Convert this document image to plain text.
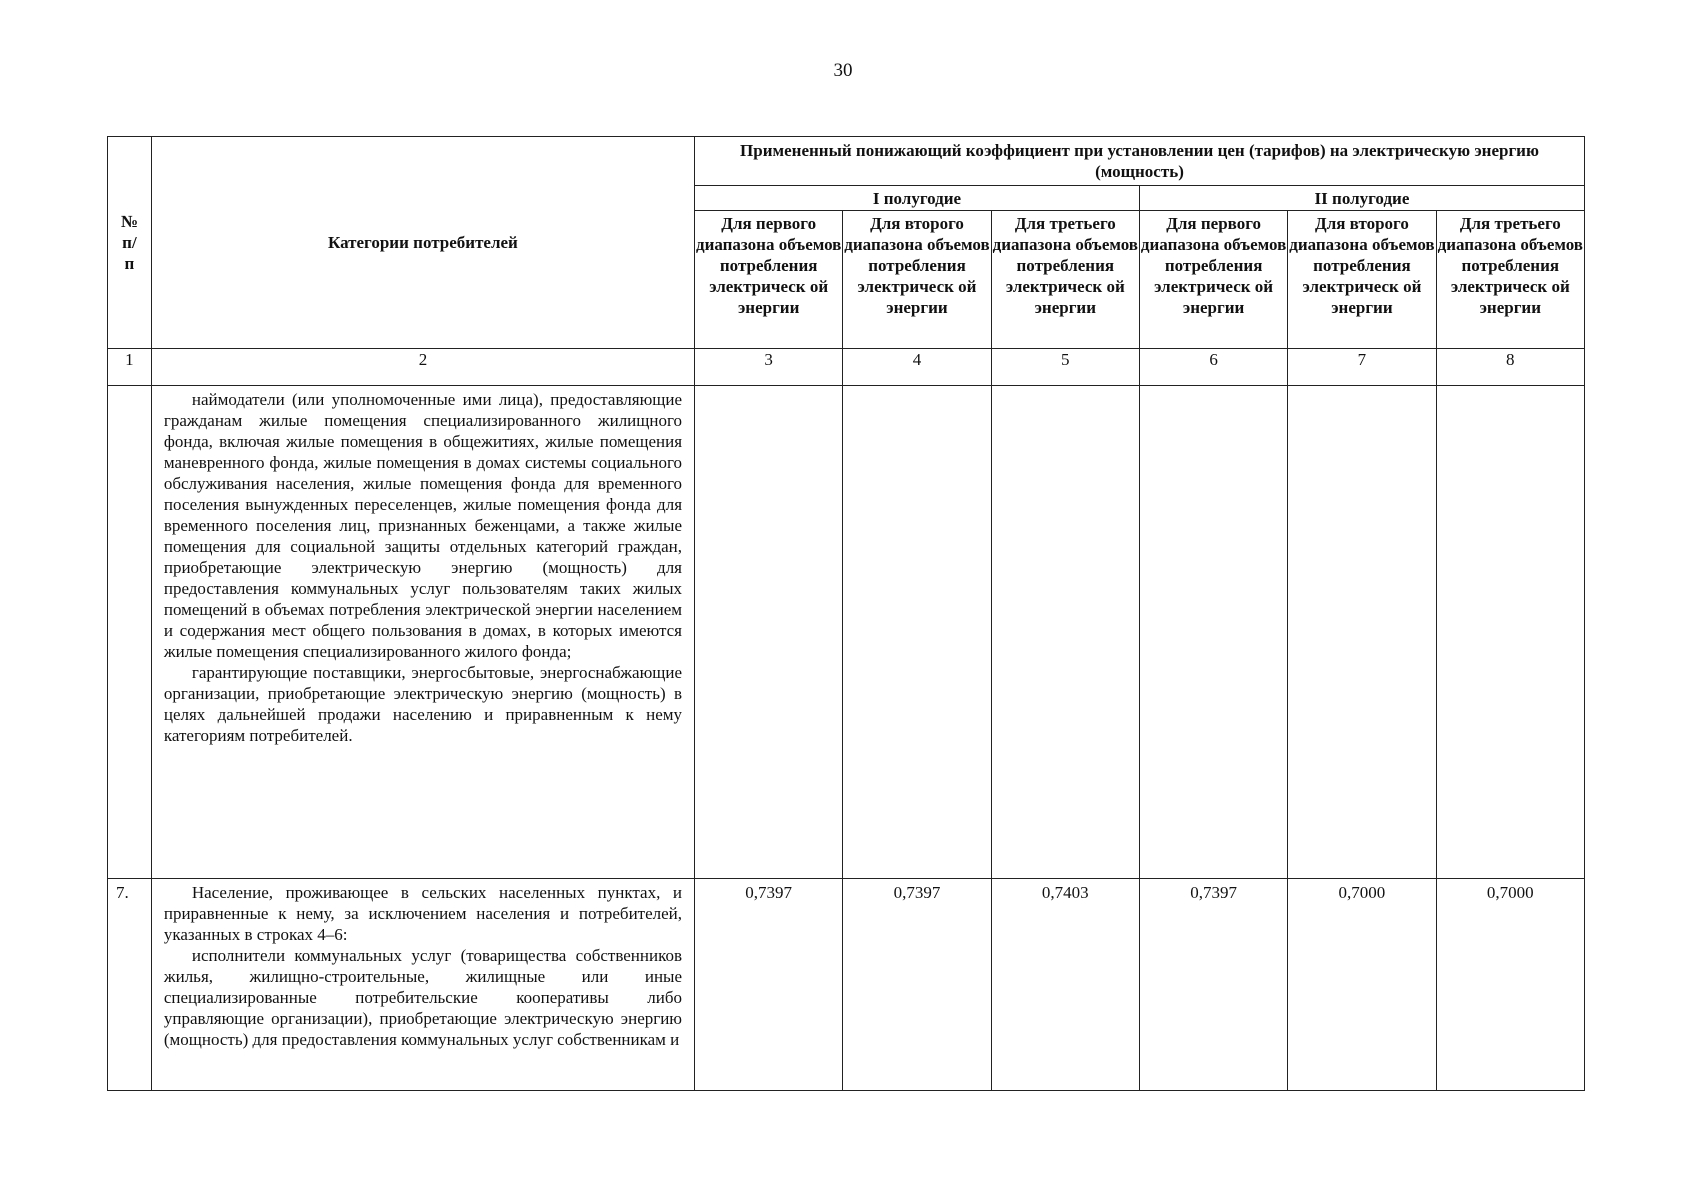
30
№
п/
п	Категории потребителей	Примененный понижающий коэффициент при установлении цен (тарифов) на электрическую энергию (мощность)					
		I полугодие			II полугодие		
		Для первого диапазона объемов потребления электрическ ой энергии	Для второго диапазона объемов потребления электрическ ой энергии	Для третьего диапазона объемов потребления электрическ ой энергии	Для первого диапазона объемов потребления электрическ ой энергии	Для второго диапазона объемов потребления электрическ ой энергии	Для третьего диапазона объемов потребления электрическ ой энергии
1	2	3	4	5	6	7	8

	наймодатели (или уполномоченные ими лица), предоставляющие гражданам жилые помещения специализированного жилищного фонда, включая жилые помещения в общежитиях, жилые помещения маневренного фонда, жилые помещения в домах системы социального обслуживания населения, жилые помещения фонда для временного поселения вынужденных переселенцев, жилые помещения фонда для временного поселения лиц, признанных беженцами, а также жилые помещения для социальной защиты отдельных категорий граждан, приобретающие электрическую энергию (мощность) для предоставления коммунальных услуг пользователям таких жилых помещений в объемах потребления электрической энергии населением и содержания мест общего пользования в домах, в которых имеются жилые помещения специализированного жилого фонда;

гарантирующие поставщики, энергосбытовые, энергоснабжающие организации, приобретающие электрическую энергию (мощность) в целях дальнейшей продажи населению и приравненным к нему категориям потребителей.						

7.	Население, проживающее в сельских населенных пунктах, и приравненные к нему, за исключением населения и потребителей, указанных в строках 4–6:

исполнители коммунальных услуг (товарищества собственников жилья, жилищно-строительные, жилищные или иные специализированные потребительские кооперативы либо управляющие организации), приобретающие электрическую энергию (мощность) для предоставления коммунальных услуг собственникам и	0,7397	0,7397	0,7403	0,7397	0,7000	0,7000
